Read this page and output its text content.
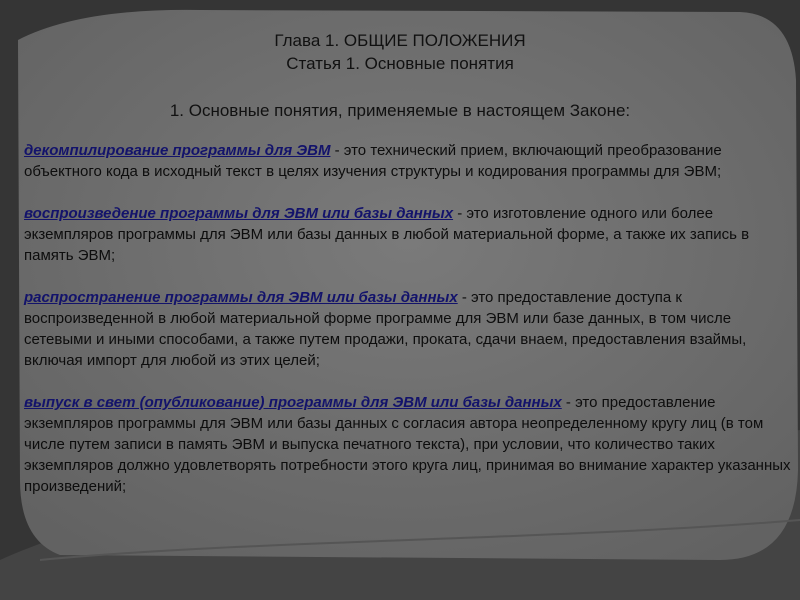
Глава 1. ОБЩИЕ ПОЛОЖЕНИЯ
Статья 1. Основные понятия
1. Основные понятия, применяемые в настоящем Законе:

декомпилирование программы для ЭВМ - это технический прием, включающий преобразование объектного кода в исходный текст в целях изучения структуры и кодирования программы для ЭВМ;

воспроизведение программы для ЭВМ или базы данных - это изготовление одного или более экземпляров программы для ЭВМ или базы данных в любой материальной форме, а также их запись в память ЭВМ;

распространение программы для ЭВМ или базы данных - это предоставление доступа к воспроизведенной в любой материальной форме программе для ЭВМ или базе данных, в том числе сетевыми и иными способами, а также путем продажи, проката, сдачи внаем, предоставления взаймы, включая импорт для любой из этих целей;

выпуск в свет (опубликование) программы для ЭВМ или базы данных - это предоставление экземпляров программы для ЭВМ или базы данных с согласия автора неопределенному кругу лиц (в том числе путем записи в память ЭВМ и выпуска печатного текста), при условии, что количество таких экземпляров должно удовлетворять потребности этого круга лиц, принимая во внимание характер указанных произведений;
